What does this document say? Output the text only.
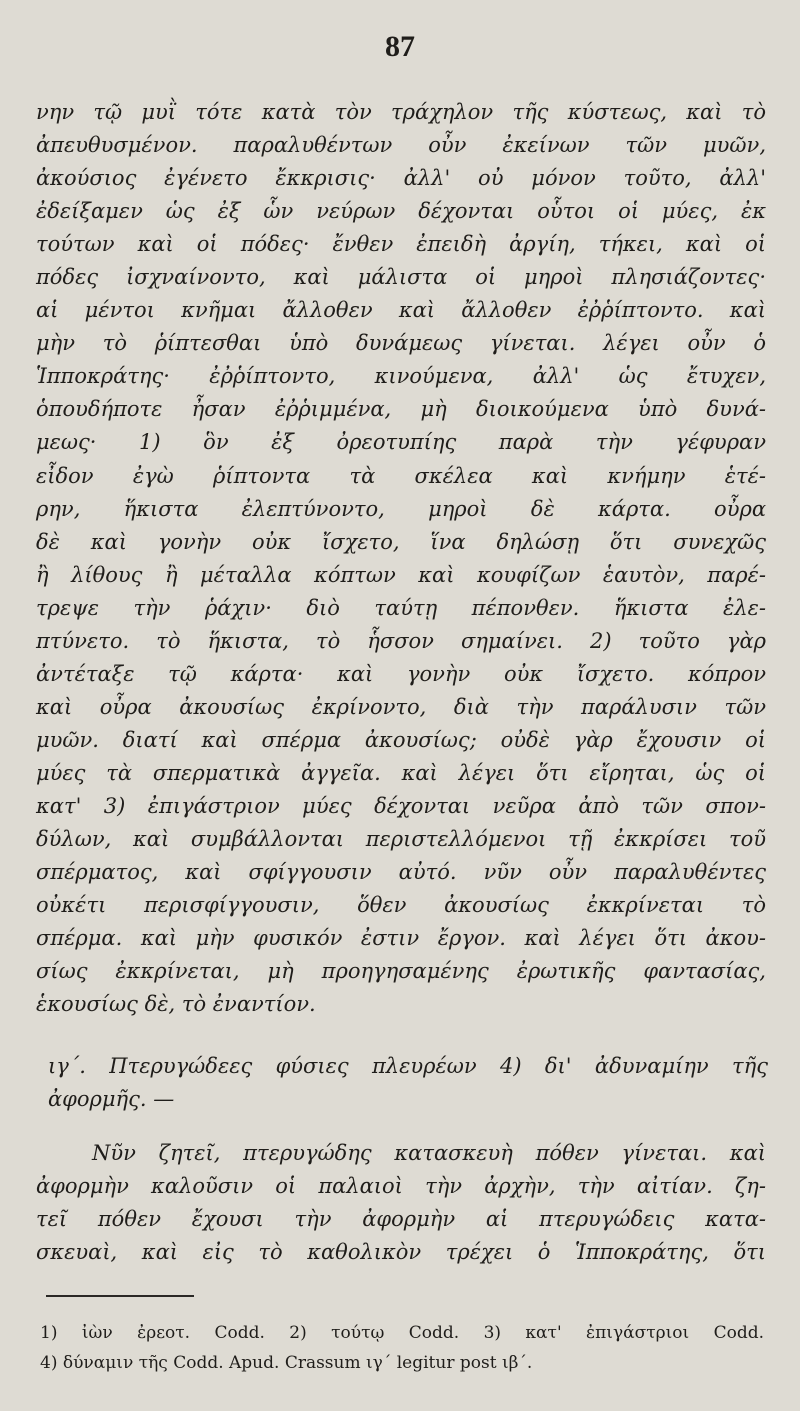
87
νην τῷ μυῒ τότε κατὰ τὸν τράχηλον τῆς κύστεως, καὶ τὸ
ἀπευθυσμένον. παραλυθέντων οὖν ἐκείνων τῶν μυῶν,
ἀκούσιος ἐγένετο ἔκκρισις· ἀλλ' οὐ μόνον τοῦτο, ἀλλ'
ἐδείξαμεν ὡς ἐξ ὧν νεύρων δέχονται οὗτοι οἱ μύες, ἐκ
τούτων καὶ οἱ πόδες· ἔνθεν ἐπειδὴ ἀργίη, τήκει, καὶ οἱ
πόδες ἰσχναίνοντο, καὶ μάλιστα οἱ μηροὶ πλησιάζοντες·
αἱ μέντοι κνῆμαι ἄλλοθεν καὶ ἄλλοθεν ἐῤῥίπτοντο. καὶ
μὴν τὸ ῥίπτεσθαι ὑπὸ δυνάμεως γίνεται. λέγει οὖν ὁ
Ἱπποκράτης· ἐῤῥίπτοντο, κινούμενα, ἀλλ' ὡς ἔτυχεν,
ὁπουδήποτε ἦσαν ἐῤῥιμμένα, μὴ διοικούμενα ὑπὸ δυνά-
μεως· 1) ὃν ἐξ ὀρεοτυπίης παρὰ τὴν γέφυραν
εἶδον ἐγὼ ῥίπτοντα τὰ σκέλεα καὶ κνήμην ἑτέ-
ρην, ἥκιστα ἐλεπτύνοντο, μηροὶ δὲ κάρτα. οὖρα
δὲ καὶ γονὴν οὐκ ἴσχετο, ἵνα δηλώσῃ ὅτι συνεχῶς
ἢ λίθους ἢ μέταλλα κόπτων καὶ κουφίζων ἑαυτὸν, παρέ-
τρεψε τὴν ῥάχιν· διὸ ταύτῃ πέπονθεν. ἥκιστα ἐλε-
πτύνετο. τὸ ἥκιστα, τὸ ἧσσον σημαίνει. 2) τοῦτο γὰρ
ἀντέταξε τῷ κάρτα· καὶ γονὴν οὐκ ἴσχετο. κόπρον
καὶ οὖρα ἀκουσίως ἐκρίνοντο, διὰ τὴν παράλυσιν τῶν
μυῶν. διατί καὶ σπέρμα ἀκουσίως; οὐδὲ γὰρ ἔχουσιν οἱ
μύες τὰ σπερματικὰ ἀγγεῖα. καὶ λέγει ὅτι εἴρηται, ὡς οἱ
κατ' 3) ἐπιγάστριον μύες δέχονται νεῦρα ἀπὸ τῶν σπον-
δύλων, καὶ συμβάλλονται περιστελλόμενοι τῇ ἐκκρίσει τοῦ
σπέρματος, καὶ σφίγγουσιν αὐτό. νῦν οὖν παραλυθέντες
οὐκέτι περισφίγγουσιν, ὅθεν ἀκουσίως ἐκκρίνεται τὸ
σπέρμα. καὶ μὴν φυσικόν ἐστιν ἔργον. καὶ λέγει ὅτι ἀκου-
σίως ἐκκρίνεται, μὴ προηγησαμένης ἐρωτικῆς φαντασίας,
ἑκουσίως δὲ, τὸ ἐναντίον.
ιγ΄. Πτερυγώδεες φύσιες πλευρέων 4) δι' ἀδυναμίην τῆς
ἀφορμῆς. —
Νῦν ζητεῖ, πτερυγώδης κατασκευὴ πόθεν γίνεται. καὶ
ἀφορμὴν καλοῦσιν οἱ παλαιοὶ τὴν ἀρχὴν, τὴν αἰτίαν. ζη-
τεῖ πόθεν ἔχουσι τὴν ἀφορμὴν αἱ πτερυγώδεις κατα-
σκευαὶ, καὶ εἰς τὸ καθολικὸν τρέχει ὁ Ἱπποκράτης, ὅτι
1) ἰὼν ἐρεοτ. Codd. 2) τούτῳ Codd. 3) κατ' ἐπιγάστριοι Codd.
4) δύναμιν τῆς Codd. Apud. Crassum ιγ΄ legitur post ιβ΄.
